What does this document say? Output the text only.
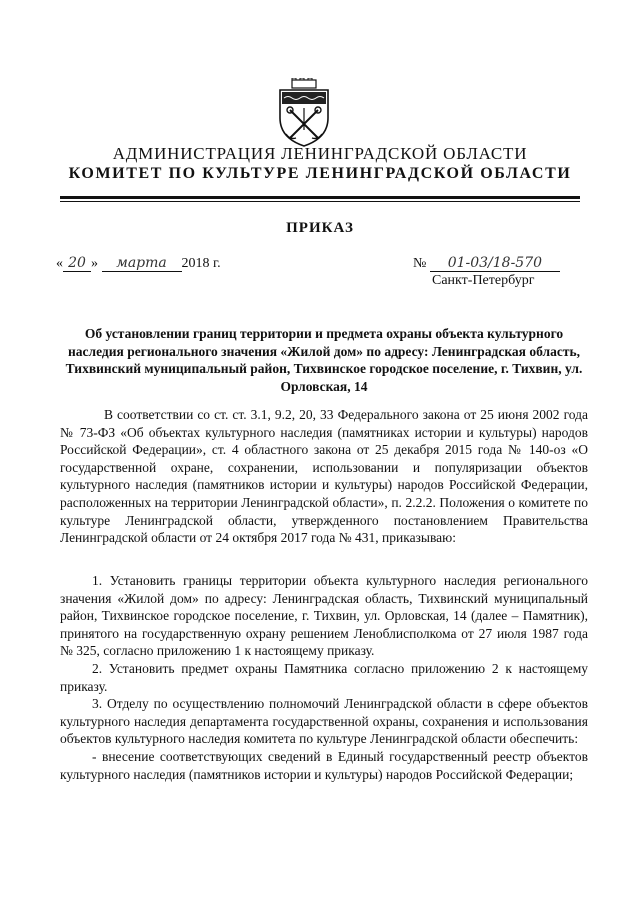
АДМИНИСТРАЦИЯ ЛЕНИНГРАДСКОЙ ОБЛАСТИ
КОМИТЕТ ПО КУЛЬТУРЕ ЛЕНИНГРАДСКОЙ ОБЛАСТИ
ПРИКАЗ
« 20 » марта 2018 г.	№ 01-03/18-570
Санкт-Петербург
Об установлении границ территории и предмета охраны объекта культурного наследия регионального значения «Жилой дом» по адресу: Ленинградская область, Тихвинский муниципальный район, Тихвинское городское поселение, г. Тихвин, ул. Орловская, 14

В соответствии со ст. ст. 3.1, 9.2, 20, 33 Федерального закона от 25 июня 2002 года № 73-ФЗ «Об объектах культурного наследия (памятниках истории и культуры) народов Российской Федерации», ст. 4 областного закона от 25 декабря 2015 года № 140-оз «О государственной охране, сохранении, использовании и популяризации объектов культурного наследия (памятников истории и культуры) народов Российской Федерации, расположенных на территории Ленинградской области», п. 2.2.2. Положения о комитете по культуре Ленинградской области, утвержденного постановлением Правительства Ленинградской области от 24 октября 2017 года № 431, приказываю:

1. Установить границы территории объекта культурного наследия регионального значения «Жилой дом» по адресу: Ленинградская область, Тихвинский муниципальный район, Тихвинское городское поселение, г. Тихвин, ул. Орловская, 14 (далее – Памятник), принятого на государственную охрану решением Леноблисполкома от 27 июля 1987 года № 325, согласно приложению 1 к настоящему приказу.

2. Установить предмет охраны Памятника согласно приложению 2 к настоящему приказу.

3. Отделу по осуществлению полномочий Ленинградской области в сфере объектов культурного наследия департамента государственной охраны, сохранения и использования объектов культурного наследия комитета по культуре Ленинградской области обеспечить:

- внесение соответствующих сведений в Единый государственный реестр объектов культурного наследия (памятников истории и культуры) народов Российской Федерации;
